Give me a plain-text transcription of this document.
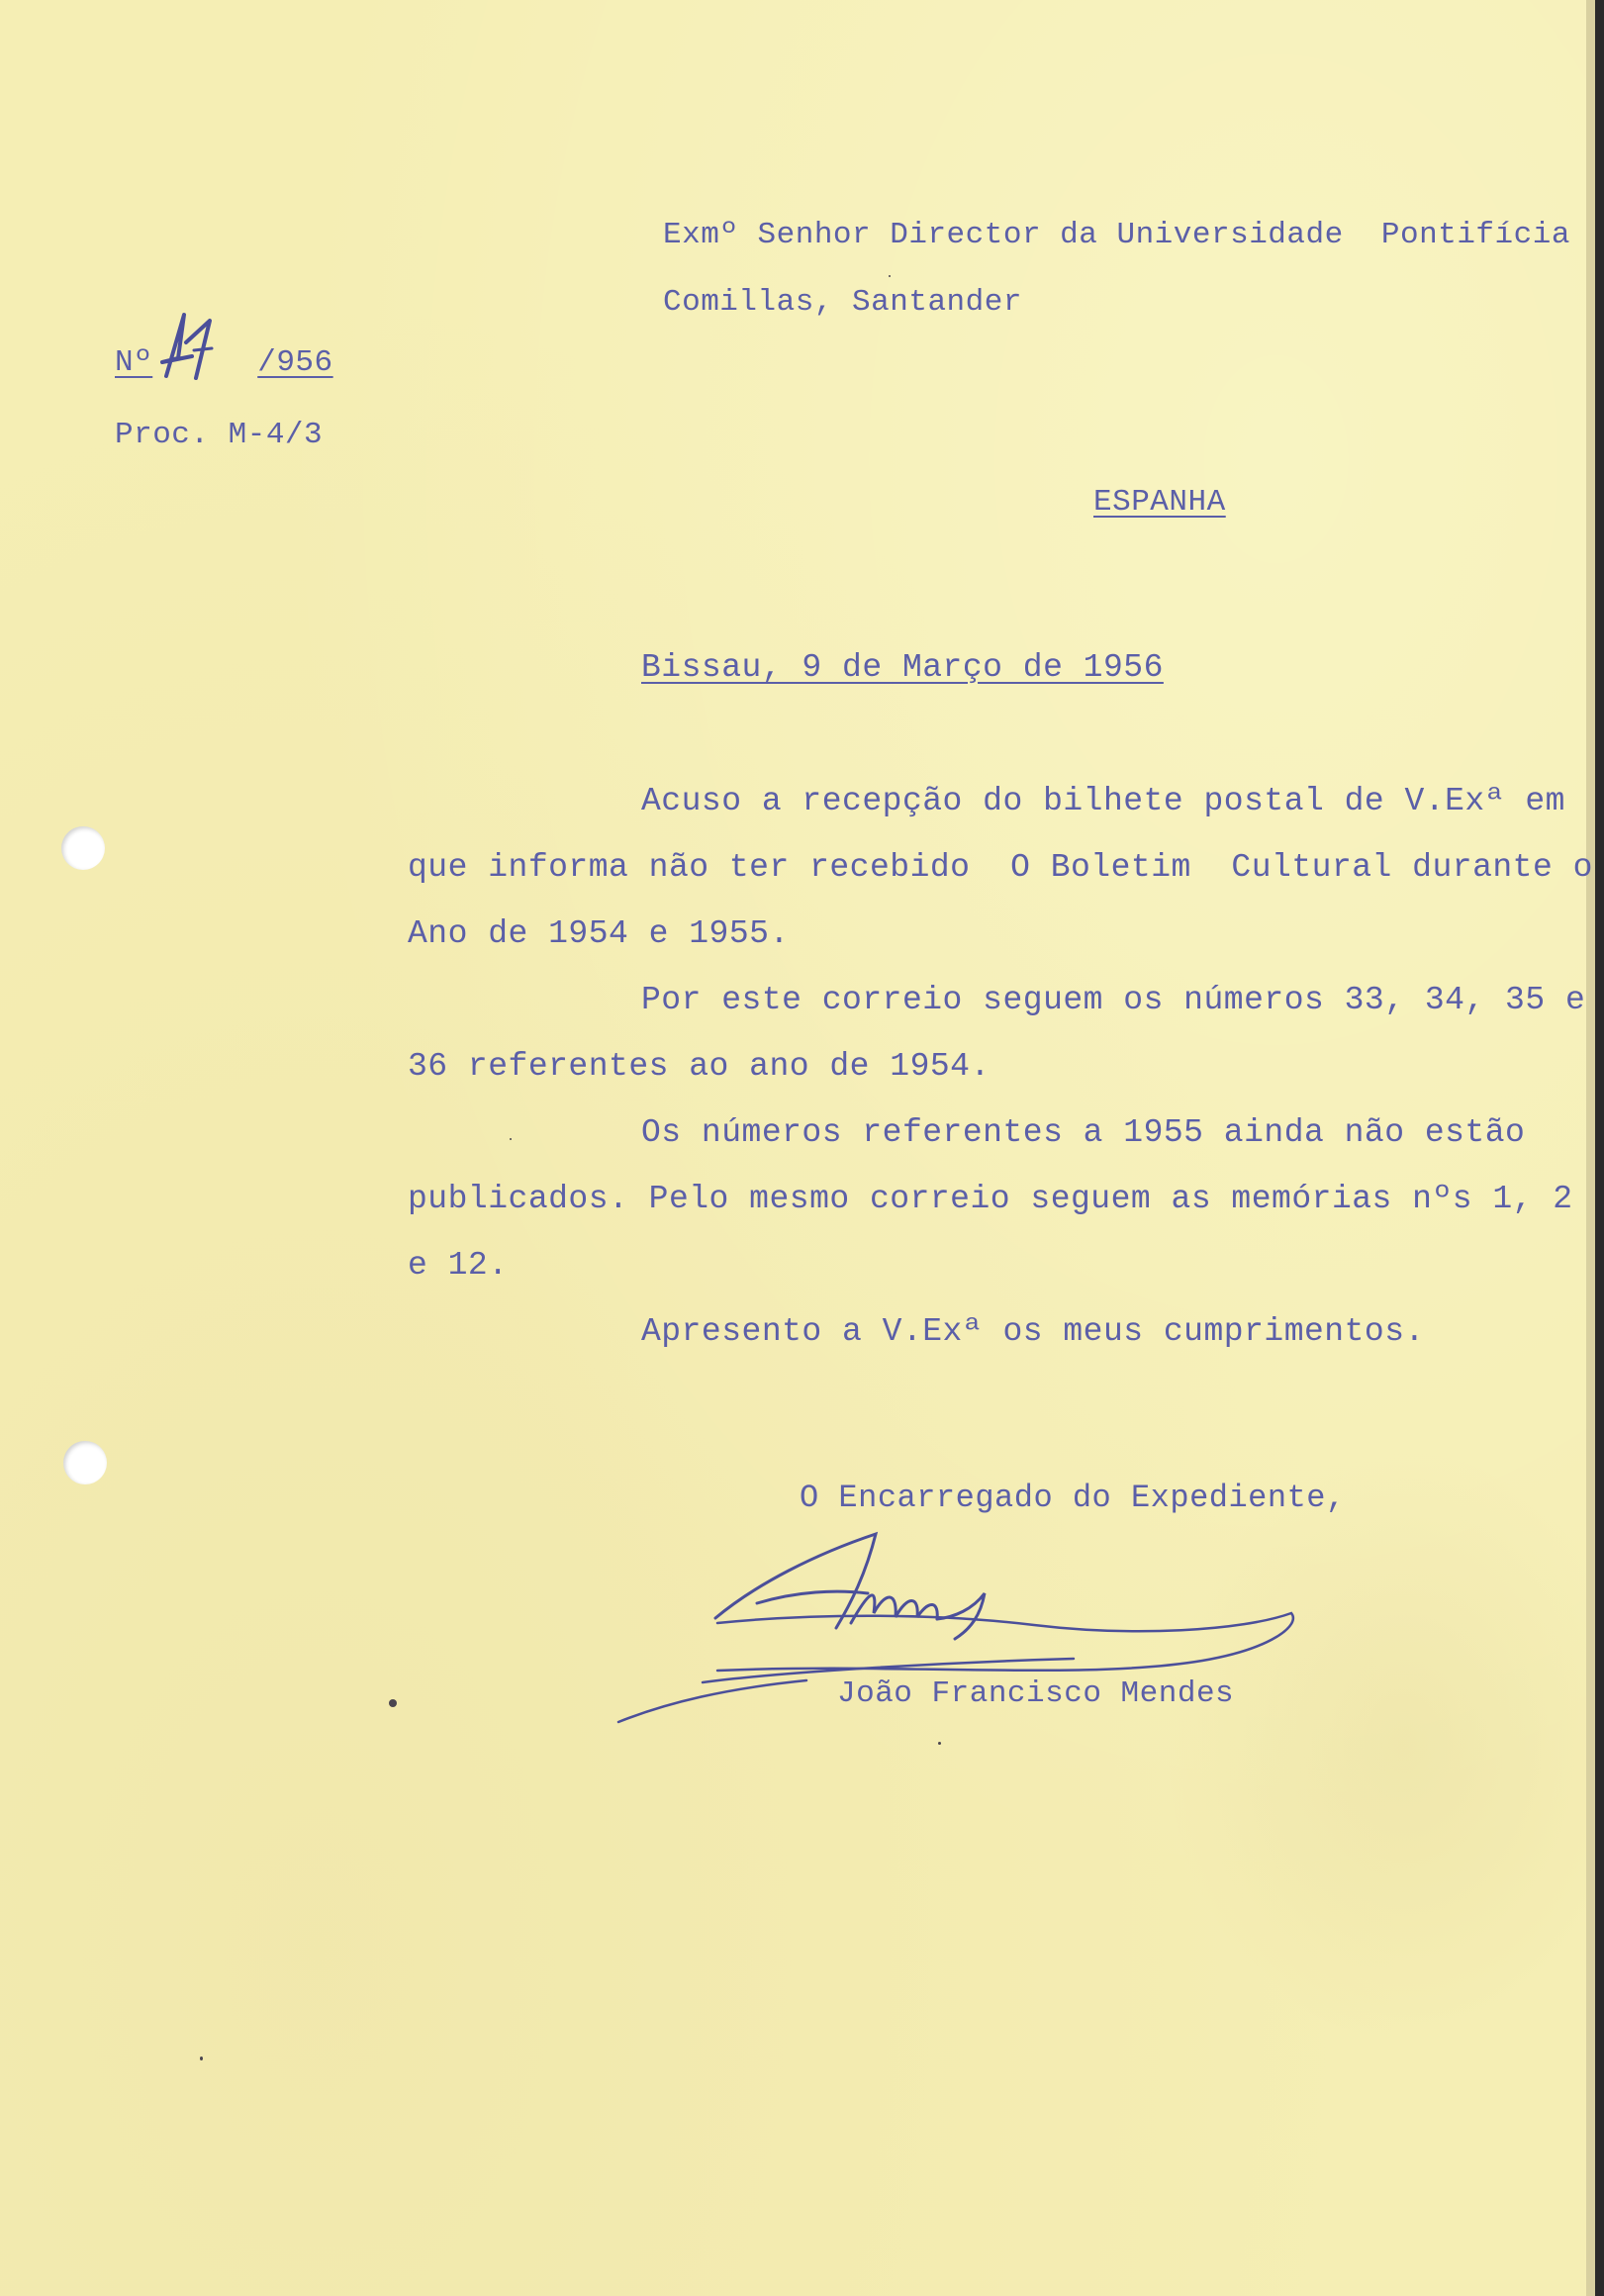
Exmº Senhor Director da Universidade  Pontifícia
Comillas, Santander
Nº	/956
Proc. M-4/3
ESPANHA
Bissau, 9 de Março de 1956
Acuso a recepção do bilhete postal de V.Exª em
que informa não ter recebido  O Boletim  Cultural durante o
Ano de 1954 e 1955.
Por este correio seguem os números 33, 34, 35 e
36 referentes ao ano de 1954.
Os números referentes a 1955 ainda não estão
publicados. Pelo mesmo correio seguem as memórias nºs 1, 2
e 12.
Apresento a V.Exª os meus cumprimentos.
O Encarregado do Expediente,
João Francisco Mendes
